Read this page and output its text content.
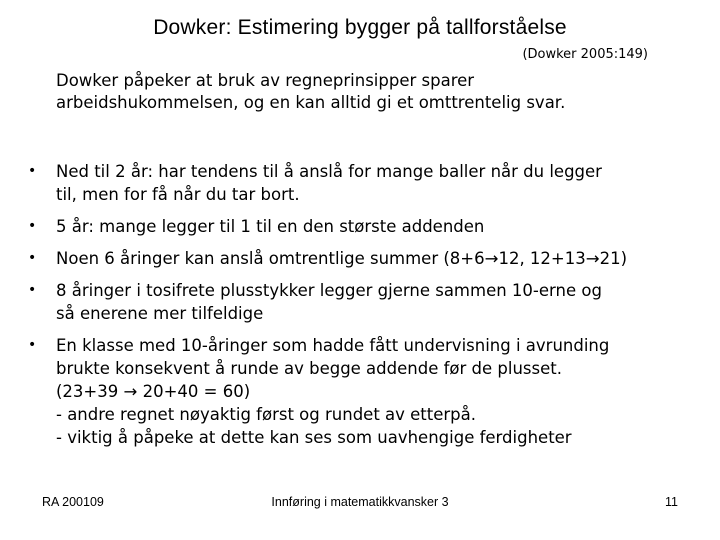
Dowker: Estimering bygger på tallforståelse
(Dowker 2005:149)
Dowker påpeker at bruk av regneprinsipper sparer
arbeidshukommelsen, og en kan alltid gi et omttrentelig svar.
• Ned til 2 år: har tendens til å anslå for mange baller når du legger
til, men for få når du tar bort.
• 5 år: mange legger til 1 til en den største addenden
• Noen 6 åringer kan anslå omtrentlige summer (8+6→12, 12+13→21)
• 8 åringer i tosifrete plusstykker legger gjerne sammen 10-erne og
så enerene mer tilfeldige
• En klasse med 10-åringer som hadde fått undervisning i avrunding
brukte konsekvent å runde av begge addende før de plusset.
(23+39 → 20+40 = 60)
- andre regnet nøyaktig først og rundet av etterpå.
- viktig å påpeke at dette kan ses som uavhengige ferdigheter
RA 200109	Innføring i matematikkvansker 3	11
